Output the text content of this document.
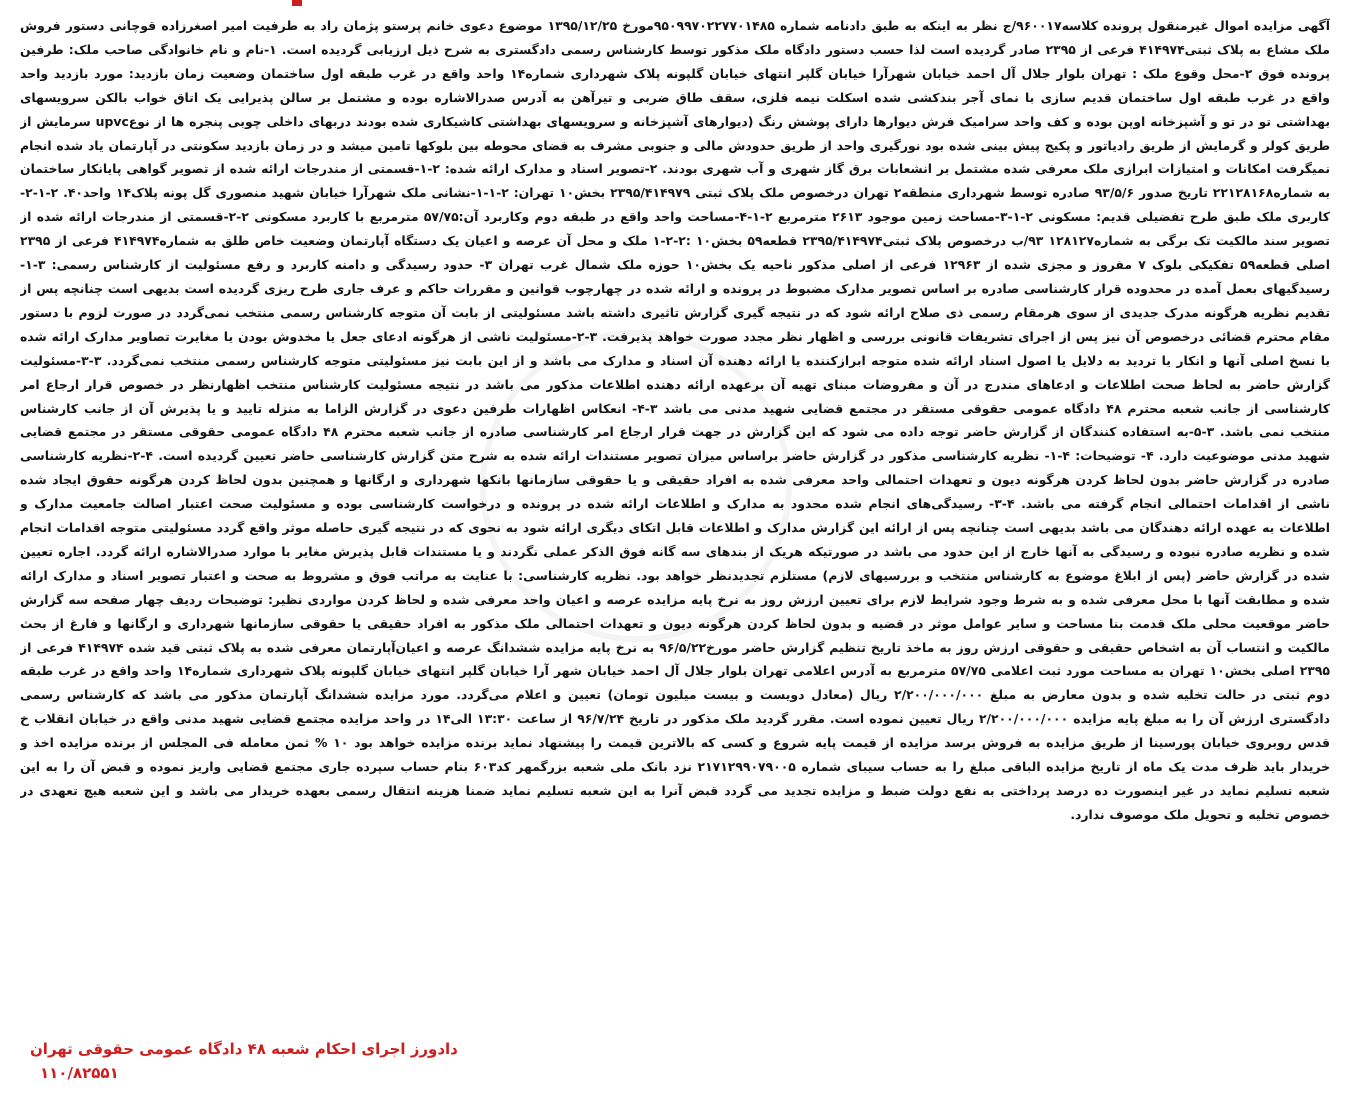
آگهی مزایده اموال غیرمنقول پرونده کلاسه۹۶۰۰۱۷/ج نظر به اینکه به طبق دادنامه شماره ۹۵۰۹۹۷۰۲۲۷۷۰۱۴۸۵مورخ ۱۳۹۵/۱۲/۲۵ موضوع دعوی خانم پرستو پژمان راد به طرفیت امیر اصغرزاده قوچانی دستور فروش ملک مشاع به پلاک ثبتی۴۱۴۹۷۴ فرعی از ۲۳۹۵ صادر گردیده است لذا حسب دستور دادگاه ملک مذکور توسط کارشناس رسمی دادگستری به شرح ذیل ارزیابی گردیده است. ۱-نام و نام خانوادگی صاحب ملک: طرفین پرونده فوق ۲-محل وقوع ملک : تهران بلوار جلال آل احمد خیابان شهرآرا خیابان گلپر انتهای خیابان گلپونه پلاک شهرداری شماره۱۴ واحد واقع در غرب طبقه اول ساختمان وضعیت زمان بازدید: مورد بازدید واحد واقع در غرب طبقه اول ساختمان قدیم سازی با نمای آجر بندکشی شده اسکلت نیمه فلزی، سقف طاق ضربی و تیرآهن به آدرس صدرالاشاره بوده و مشتمل بر سالن پذیرایی یک اتاق خواب بالکن سرویسهای بهداشتی تو در تو و آشپزخانه اوپن بوده و کف واحد سرامیک فرش دیوارها دارای پوشش رنگ (دیوارهای آشپزخانه و سرویسهای بهداشتی کاشیکاری شده بودند دربهای داخلی چوبی پنجره ها از نوعupvc سرمایش از طریق کولر و گرمایش از طریق رادیاتور و پکیج پیش بینی شده بود نورگیری واحد از طریق حدودش مالی و جنوبی مشرف به فضای محوطه بین بلوکها تامین میشد و در زمان بازدید سکونتی در آپارتمان یاد شده انجام نمیگرفت امکانات و امتیازات ابرازی ملک معرفی شده مشتمل بر انشعابات برق گاز شهری و آب شهری بودند. ۲-تصویر اسناد و مدارک ارائه شده: ۲-۱-قسمتی از مندرجات ارائه شده از تصویر گواهی پایانکار ساختمان به شماره۲۲۱۲۸۱۶۸ تاریخ صدور ۹۳/۵/۶ صادره توسط شهرداری منطقه۲ تهران درخصوص ملک پلاک ثبتی ۲۳۹۵/۴۱۴۹۷۹ بخش۱۰ تهران: ۲-۱-۱-نشانی ملک شهرآرا خیابان شهید منصوری گل پونه پلاک۱۴ واحد۴۰. ۲-۱-۲-کاربری ملک طبق طرح تفضیلی قدیم: مسکونی ۲-۱-۳-مساحت زمین موجود ۲۶۱۳ مترمربع ۲-۱-۴-مساحت واحد واقع در طبقه دوم وکاربرد آن:۵۷/۷۵ مترمربع با کاربرد مسکونی ۲-۲-قسمتی از مندرجات ارائه شده از تصویر سند مالکیت تک برگی به شماره۱۲۸۱۲۷ ۹۳/ب درخصوص پلاک ثبتی۲۳۹۵/۴۱۴۹۷۴ قطعه۵۹ بخش۱۰ :۲-۲-۱ ملک و محل آن عرصه و اعیان یک دستگاه آپارتمان وضعیت خاص طلق به شماره۴۱۴۹۷۴ فرعی از ۲۳۹۵ اصلی قطعه۵۹ تفکیکی بلوک ۷ مفروز و مجزی شده از ۱۲۹۶۳ فرعی از اصلی مذکور ناحیه یک بخش۱۰ حوزه ملک شمال غرب تهران ۳- حدود رسیدگی و دامنه کاربرد و رفع مسئولیت از کارشناس رسمی: ۳-۱-رسیدگیهای بعمل آمده در محدوده قرار کارشناسی صادره بر اساس تصویر مدارک مضبوط در پرونده و ارائه شده در چهارچوب قوانین و مقررات حاکم و عرف جاری طرح ریزی گردیده است بدیهی است چنانچه پس از تقدیم نظریه هرگونه مدرک جدیدی از سوی هرمقام رسمی ذی صلاح ارائه شود که در نتیجه گیری گزارش تاثیری داشته باشد مسئولیتی از بابت آن متوجه کارشناس رسمی منتخب نمی‌گردد در صورت لزوم با دستور مقام محترم قضائی درخصوص آن نیز پس از اجرای تشریفات قانونی بررسی و اظهار نظر مجدد صورت خواهد پذیرفت. ۳-۲-مسئولیت ناشی از هرگونه ادعای جعل یا مخدوش بودن یا مغایرت تصاویر مدارک ارائه شده با نسخ اصلی آنها و انکار یا تردید به دلایل یا اصول اسناد ارائه شده متوجه ابرازکننده یا ارائه دهنده آن اسناد و مدارک می باشد و از این بابت نیز مسئولیتی متوجه کارشناس رسمی منتخب نمی‌گردد. ۳-۳-مسئولیت گزارش حاضر به لحاظ صحت اطلاعات و ادعاهای مندرج در آن و مفروضات مبنای تهیه آن برعهده ارائه دهنده اطلاعات مذکور می باشد در نتیجه مسئولیت کارشناس منتخب اظهارنظر در خصوص قرار ارجاع امر کارشناسی از جانب شعبه محترم ۴۸ دادگاه عمومی حقوقی مستقر در مجتمع قضایی شهید مدنی می باشد ۳-۴- انعکاس اظهارات طرفین دعوی در گزارش الزاما به منزله تایید و یا پذیرش آن از جانب کارشناس منتخب نمی باشد. ۳-۵-به استفاده کنندگان از گزارش حاضر توجه داده می شود که این گزارش در جهت قرار ارجاع امر کارشناسی صادره از جانب شعبه محترم ۴۸ دادگاه عمومی حقوقی مستقر در مجتمع قضایی شهید مدنی موضوعیت دارد. ۴- توضیحات: ۴-۱- نظریه کارشناسی مذکور در گزارش حاضر براساس میزان تصویر مستندات ارائه شده به شرح متن گزارش کارشناسی حاضر تعیین گردیده است. ۴-۲-نظریه کارشناسی صادره در گزارش حاضر بدون لحاظ کردن هرگونه دیون و تعهدات احتمالی واحد معرفی شده به افراد حقیقی و یا حقوقی سازمانها بانکها شهرداری و ارگانها و همچنین بدون لحاظ کردن هرگونه حقوق ایجاد شده ناشی از اقدامات احتمالی انجام گرفته می باشد. ۴-۳- رسیدگی‌های انجام شده محدود به مدارک و اطلاعات ارائه شده در پرونده و درخواست کارشناسی بوده و مسئولیت صحت اعتبار اصالت جامعیت مدارک و اطلاعات به عهده ارائه دهندگان می باشد بدیهی است چنانچه پس از ارائه این گزارش مدارک و اطلاعات قابل اتکای دیگری ارائه شود به نحوی که در نتیجه گیری حاصله موثر واقع گردد مسئولیتی متوجه اقدامات انجام شده و نظریه صادره نبوده و رسیدگی به آنها خارج از این حدود می باشد در صورتیکه هریک از بندهای سه گانه فوق الذکر عملی نگردند و یا مستندات قابل پذیرش مغایر با موارد صدرالاشاره ارائه گردد. اجاره تعیین شده در گزارش حاضر (پس از ابلاغ موضوع به کارشناس منتخب و بررسیهای لازم) مستلزم تجدیدنظر خواهد بود. نظریه کارشناسی: با عنایت به مراتب فوق و مشروط به صحت و اعتبار تصویر اسناد و مدارک ارائه شده و مطابقت آنها با محل معرفی شده و به شرط وجود شرایط لازم برای تعیین ارزش روز به نرخ پایه مزایده عرصه و اعیان واحد معرفی شده و لحاظ کردن مواردی نظیر: توضیحات ردیف چهار صفحه سه گزارش حاضر موقعیت محلی ملک قدمت بنا مساحت و سایر عوامل موثر در قضیه و بدون لحاظ کردن هرگونه دیون و تعهدات احتمالی ملک مذکور به افراد حقیقی یا حقوقی سازمانها شهرداری و ارگانها و فارغ از بحث مالکیت و انتساب آن به اشخاص حقیقی و حقوقی ارزش روز به ماخذ تاریخ تنظیم گزارش حاضر مورخ۹۶/۵/۲۲ به نرخ پایه مزایده ششدانگ عرصه و اعیان‌آپارتمان معرفی شده به پلاک ثبتی قید شده ۴۱۴۹۷۴ فرعی از ۲۳۹۵ اصلی بخش۱۰ تهران به مساحت مورد ثبت اعلامی ۵۷/۷۵ مترمربع به آدرس اعلامی تهران بلوار جلال آل احمد خیابان شهر آرا خیابان گلپر انتهای خیابان گلپونه پلاک شهرداری شماره۱۴ واحد واقع در غرب طبقه دوم ثبتی در حالت تخلیه شده و بدون معارض به مبلغ ۲/۲۰۰/۰۰۰/۰۰۰ ریال (معادل دویست و بیست میلیون تومان) تعیین و اعلام می‌گردد. مورد مزایده ششدانگ آپارتمان مذکور می باشد که کارشناس رسمی دادگستری ارزش آن را به مبلغ پایه مزایده ۲/۲۰۰/۰۰۰/۰۰۰ ریال تعیین نموده است. مقرر گردید ملک مذکور در تاریخ ۹۶/۷/۲۴ از ساعت ۱۳:۳۰ الی۱۴ در واحد مزایده مجتمع قضایی شهید مدنی واقع در خیابان انقلاب خ قدس روبروی خیابان پورسینا از طریق مزایده به فروش برسد مزایده از قیمت پایه شروع و کسی که بالاترین قیمت را پیشنهاد نماید برنده مزایده خواهد بود ۱۰ % ثمن معامله فی المجلس از برنده مزایده اخذ و خریدار باید ظرف مدت یک ماه از تاریخ مزایده الباقی مبلغ را به حساب سیبای شماره ۲۱۷۱۲۹۹۰۷۹۰۰۵ نزد بانک ملی شعبه بزرگمهر کد۶۰۳ بنام حساب سپرده جاری مجتمع قضایی واریز نموده و قبض آن را به این شعبه تسلیم نماید در غیر اینصورت ده درصد پرداختی به نفع دولت ضبط و مزایده تجدید می گردد قبض آنرا به این شعبه تسلیم نماید ضمنا هزینه انتقال رسمی بعهده خریدار می باشد و این شعبه هیچ تعهدی در خصوص تخلیه و تحویل ملک موصوف ندارد.
دادورز اجرای احکام شعبه ۴۸ دادگاه عمومی حقوقی تهران
۱۱۰/۸۲۵۵۱
